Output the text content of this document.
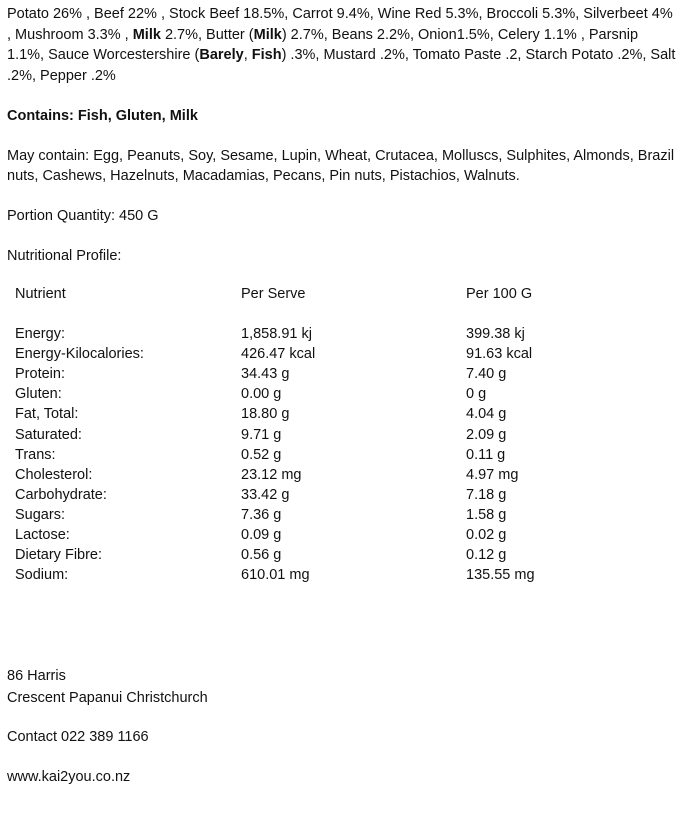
Potato 26% , Beef 22% , Stock Beef 18.5%, Carrot 9.4%, Wine Red 5.3%, Broccoli 5.3%, Silverbeet 4% , Mushroom 3.3% , Milk 2.7%, Butter (Milk) 2.7%, Beans 2.2%, Onion1.5%, Celery 1.1% , Parsnip 1.1%, Sauce Worcestershire (Barely, Fish) .3%, Mustard .2%, Tomato Paste .2, Starch Potato .2%, Salt .2%, Pepper .2%

Contains: Fish, Gluten, Milk

May contain: Egg, Peanuts, Soy, Sesame, Lupin, Wheat, Crutacea, Molluscs, Sulphites, Almonds, Brazil nuts, Cashews, Hazelnuts, Macadamias, Pecans, Pin nuts, Pistachios, Walnuts.

Portion Quantity: 450 G

Nutritional Profile:

Nutrient	Per Serve	Per 100 G
Energy:	1,858.91 kj	399.38 kj
Energy-Kilocalories:	426.47 kcal	91.63 kcal
Protein:	34.43 g	7.40 g
Gluten:	0.00 g	0 g
Fat, Total:	18.80 g	4.04 g
Saturated:	9.71 g	2.09 g
Trans:	0.52 g	0.11 g
Cholesterol:	23.12 mg	4.97 mg
Carbohydrate:	33.42 g	7.18 g
Sugars:	7.36 g	1.58 g
Lactose:	0.09 g	0.02 g
Dietary Fibre:	0.56 g	0.12 g
Sodium:	610.01 mg	135.55 mg
86 Harris
Crescent Papanui Christchurch

Contact 022 389 1166

www.kai2you.co.nz
